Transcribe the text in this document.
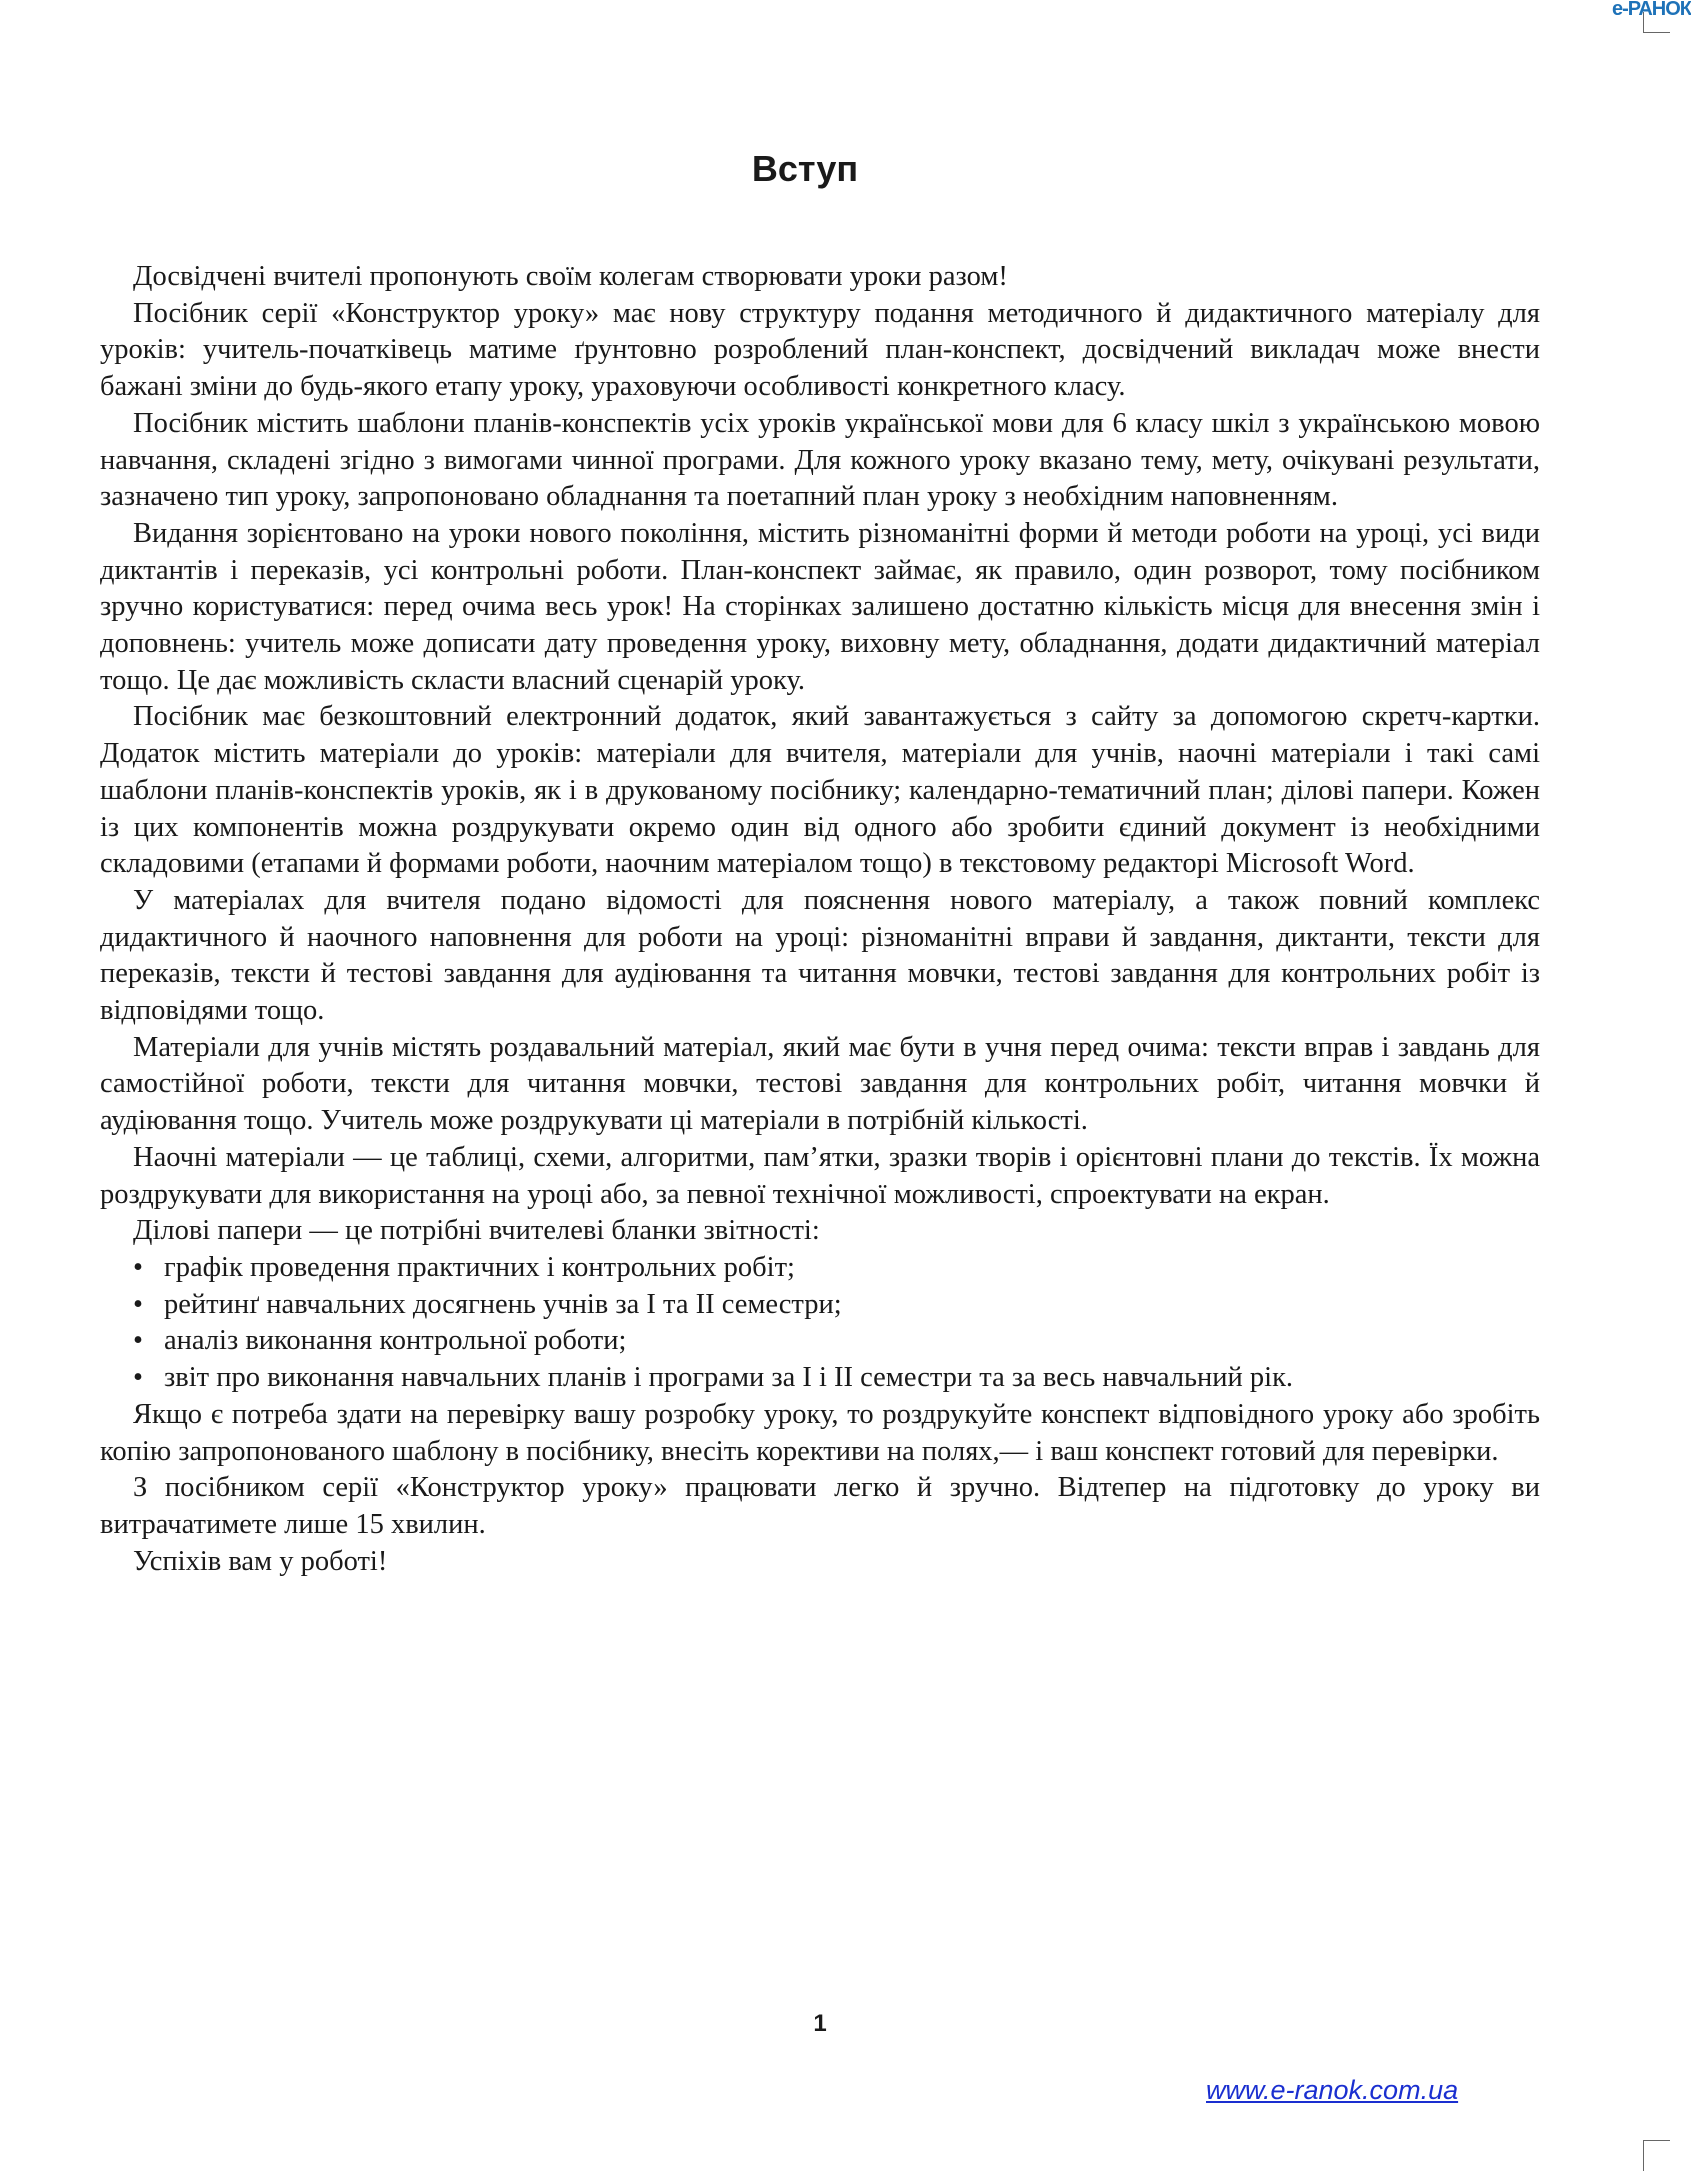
e-РАНОК
Вступ

Досвідчені вчителі пропонують своїм колегам створювати уроки разом!

Посібник серії «Конструктор уроку» має нову структуру подання методичного й дидактичного матеріалу для уроків: учитель-початківець матиме ґрунтовно розроблений план-конспект, досвідчений викладач може внести бажані зміни до будь-якого етапу уроку, ураховуючи особливості конкретного класу.

Посібник містить шаблони планів-конспектів усіх уроків української мови для 6 класу шкіл з українською мовою навчання, складені згідно з вимогами чинної програми. Для кожного уроку вказано тему, мету, очікувані результати, зазначено тип уроку, запропоновано обладнання та поетапний план уроку з необхідним наповненням.

Видання зорієнтовано на уроки нового покоління, містить різноманітні форми й методи роботи на уроці, усі види диктантів і переказів, усі контрольні роботи. План-конспект займає, як правило, один розворот, тому посібником зручно користуватися: перед очима весь урок! На сторінках залишено достатню кількість місця для внесення змін і доповнень: учитель може дописати дату проведення уроку, виховну мету, обладнання, додати дидактичний матеріал тощо. Це дає можливість скласти власний сценарій уроку.

Посібник має безкоштовний електронний додаток, який завантажується з сайту за допомогою скретч-картки. Додаток містить матеріали до уроків: матеріали для вчителя, матеріали для учнів, наочні матеріали і такі самі шаблони планів-конспектів уроків, як і в друкованому посібнику; календарно-тематичний план; ділові папери. Кожен із цих компонентів можна роздрукувати окремо один від одного або зробити єдиний документ із необхідними складовими (етапами й формами роботи, наочним матеріалом тощо) в текстовому редакторі Microsoft Word.

У матеріалах для вчителя подано відомості для пояснення нового матеріалу, а також повний комплекс дидактичного й наочного наповнення для роботи на уроці: різноманітні вправи й завдання, диктанти, тексти для переказів, тексти й тестові завдання для аудіювання та читання мовчки, тестові завдання для контрольних робіт із відповідями тощо.

Матеріали для учнів містять роздавальний матеріал, який має бути в учня перед очима: тексти вправ і завдань для самостійної роботи, тексти для читання мовчки, тестові завдання для контрольних робіт, читання мовчки й аудіювання тощо. Учитель може роздрукувати ці матеріали в потрібній кількості.

Наочні матеріали — це таблиці, схеми, алгоритми, пам’ятки, зразки творів і орієнтовні плани до текстів. Їх можна роздрукувати для використання на уроці або, за певної технічної можливості, спроектувати на екран.

Ділові папери — це потрібні вчителеві бланки звітності:

• графік проведення практичних і контрольних робіт;
• рейтинґ навчальних досягнень учнів за І та ІІ семестри;
• аналіз виконання контрольної роботи;
• звіт про виконання навчальних планів і програми за І і ІІ семестри та за весь навчальний рік.

Якщо є потреба здати на перевірку вашу розробку уроку, то роздрукуйте конспект відповідного уроку або зробіть копію запропонованого шаблону в посібнику, внесіть корективи на полях,— і ваш конспект готовий для перевірки.

З посібником серії «Конструктор уроку» працювати легко й зручно. Відтепер на підготовку до уроку ви витрачатимете лише 15 хвилин.

Успіхів вам у роботі!

1
www.e-ranok.com.ua
